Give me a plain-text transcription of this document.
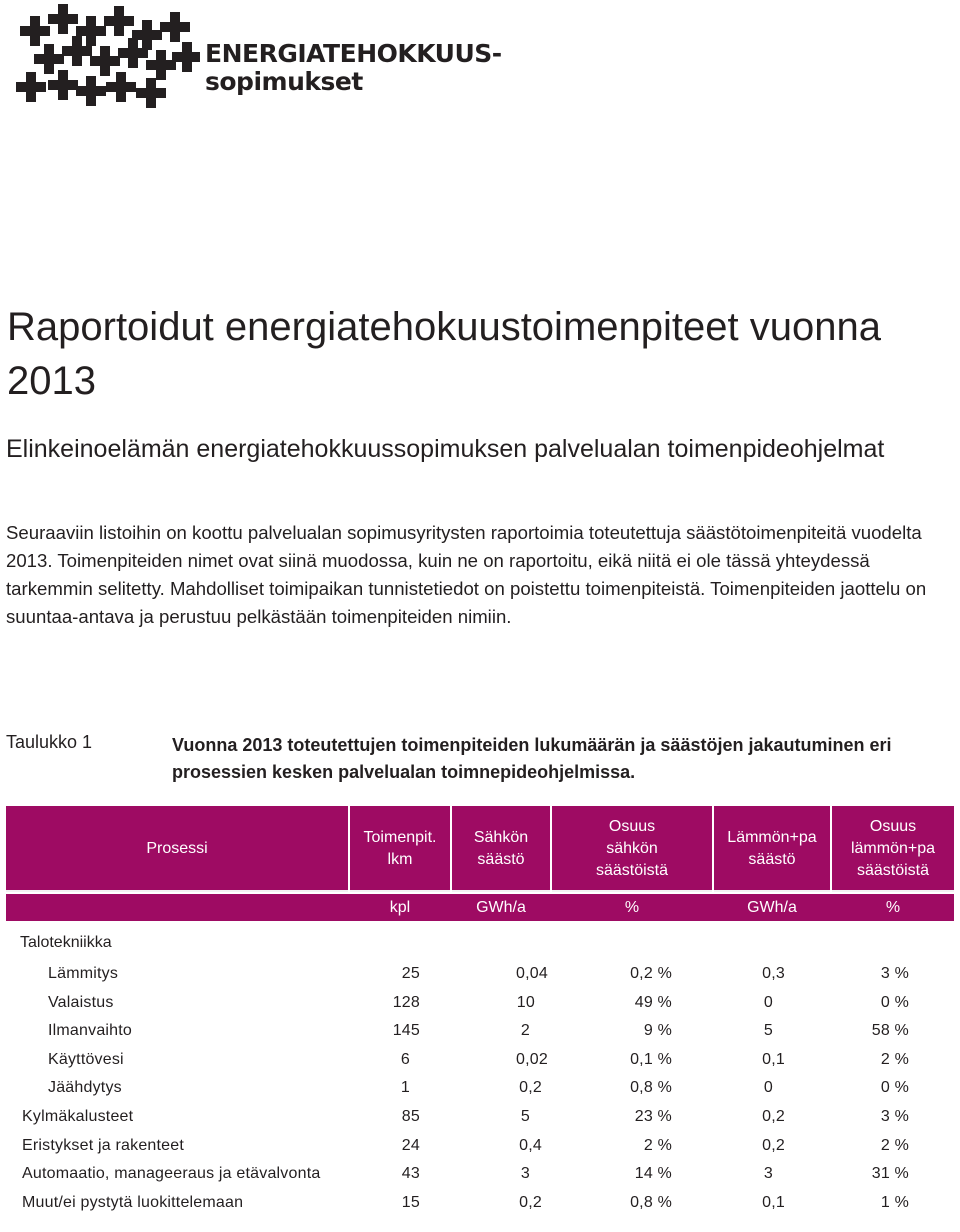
ENERGIATEHOKKUUS-
sopimukset
Raportoidut energiatehokuustoimenpiteet vuonna 2013
Elinkeinoelämän energiatehokkuussopimuksen palvelualan toimenpideohjelmat

Seuraaviin listoihin on koottu palvelualan sopimusyritysten raportoimia toteutettuja säästötoimenpiteitä vuodelta 2013. Toimenpiteiden nimet ovat siinä muodossa, kuin ne on raportoitu, eikä niitä ei ole tässä yhteydessä tarkemmin selitetty. Mahdolliset toimipaikan tunnistetiedot on poistettu toimenpiteistä. Toimenpiteiden jaottelu on suuntaa-antava ja perustuu pelkästään toimenpiteiden nimiin.

Taulukko 1	Vuonna 2013 toteutettujen toimenpiteiden lukumäärän ja säästöjen jakautuminen eri prosessien kesken palvelualan toimnepideohjelmissa.
Prosessi
Toimenpit. lkm
Sähkön säästö
Osuus sähkön säästöistä
Lämmön+pa säästö
Osuus lämmön+pa säästöistä
kpl	GWh/a	%	GWh/a	%
Talotekniikka
Lämmitys	25	0,04	0,2 %	0,3	3 %
Valaistus	128	10	49 %	0	0 %
Ilmanvaihto	145	2	9 %	5	58 %
Käyttövesi	6	0,02	0,1 %	0,1	2 %
Jäähdytys	1	0,2	0,8 %	0	0 %
Kylmäkalusteet	85	5	23 %	0,2	3 %
Eristykset ja rakenteet	24	0,4	2 %	0,2	2 %
Automaatio, manageeraus ja etävalvonta	43	3	14 %	3	31 %
Muut/ei pystytä luokittelemaan	15	0,2	0,8 %	0,1	1 %
